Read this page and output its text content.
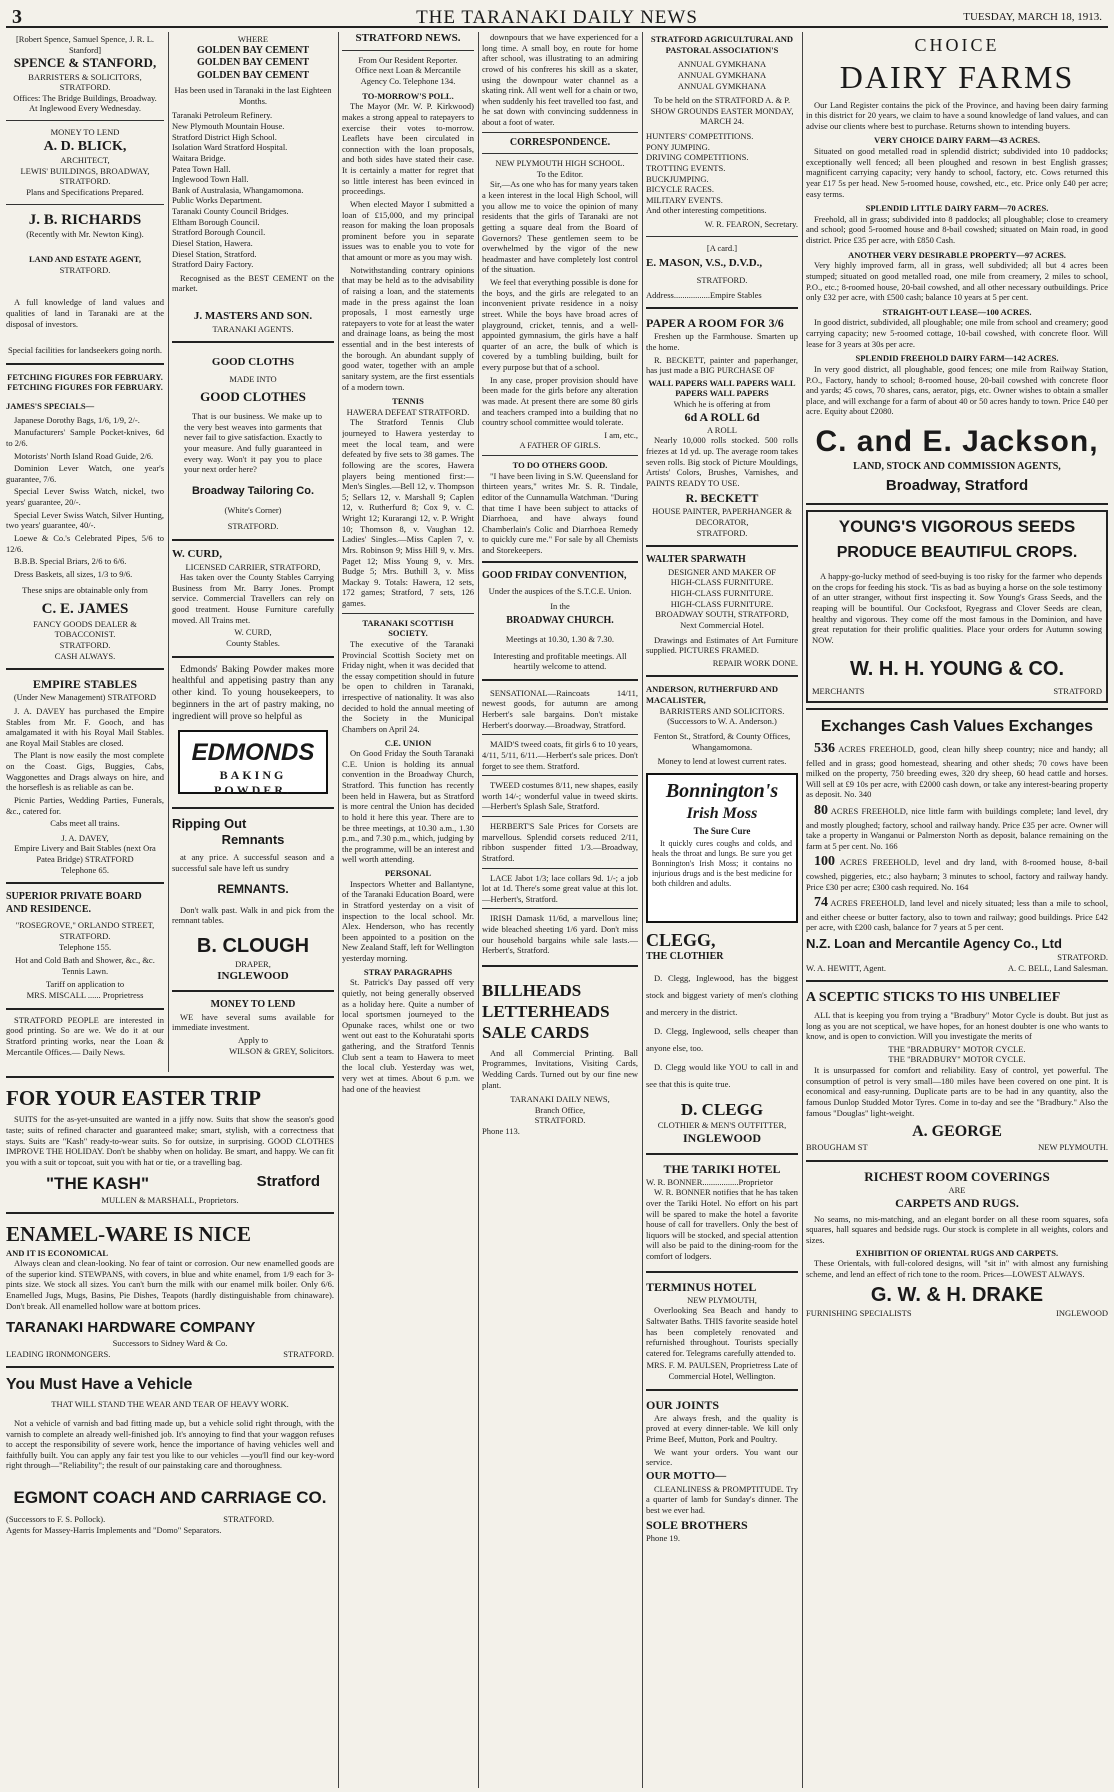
3	THE TARANAKI DAILY NEWS	TUESDAY, MARCH 18, 1913.
[Robert Spence, Samuel Spence, J. R. L. Stanford]
SPENCE & STANFORD,
BARRISTERS & SOLICITORS, STRATFORD.
Offices: The Bridge Buildings, Broadway.
At Inglewood Every Wednesday.
MONEY TO LEND
A. D. BLICK,
ARCHITECT,
LEWIS' BUILDINGS, BROADWAY, STRATFORD.
Plans and Specifications Prepared.
J. B. RICHARDS
(Recently with Mr. Newton King).
LAND AND ESTATE AGENT,
STRATFORD.

A full knowledge of land values and qualities of land in Taranaki are at the disposal of investors.

Special facilities for landseekers going north.
FETCHING FIGURES FOR FEBRUARY.
FETCHING FIGURES FOR FEBRUARY.
JAMES'S SPECIALS—

Japanese Dorothy Bags, 1/6, 1/9, 2/-.

Manufacturers' Sample Pocket-knives, 6d to 2/6.

Motorists' North Island Road Guide, 2/6.

Dominion Lever Watch, one year's guarantee, 7/6.

Special Lever Swiss Watch, nickel, two years' guarantee, 20/-.

Special Lever Swiss Watch, Silver Hunting, two years' guarantee, 40/-.

Loewe & Co.'s Celebrated Pipes, 5/6 to 12/6.

B.B.B. Special Briars, 2/6 to 6/6.

Dress Baskets, all sizes, 1/3 to 9/6.

These snips are obtainable only from
C. E. JAMES
FANCY GOODS DEALER & TOBACCONIST.
STRATFORD.
CASH ALWAYS.
EMPIRE STABLES
(Under New Management) STRATFORD

J. A. DAVEY has purchased the Empire Stables from Mr. F. Gooch, and has amalgamated it with his Royal Mail Stables. ane Royal Mail Stables are closed.

The Plant is now easily the most complete on the Coast. Gigs, Buggies, Cabs, Waggonettes and Drags always on hire, and the horseflesh is as reliable as can be.

Picnic Parties, Wedding Parties, Funerals, &c., catered for.

Cabs meet all trains.
J. A. DAVEY,
Empire Livery and Bait Stables (next Ora Patea Bridge) STRATFORD
Telephone 65.
SUPERIOR PRIVATE BOARD AND RESIDENCE.
"ROSEGROVE," ORLANDO STREET, STRATFORD.
Telephone 155.
Hot and Cold Bath and Shower, &c., &c. Tennis Lawn.
Tariff on application to
MRS. MISCALL ...... Proprietress

STRATFORD PEOPLE are interested in good printing. So are we. We do it at our Stratford printing works, near the Loan & Mercantile Offices.— Daily News.

WHERE
GOLDEN BAY CEMENT
GOLDEN BAY CEMENT
GOLDEN BAY CEMENT
Has been used in Taranaki in the last Eighteen Months.
Taranaki Petroleum Refinery.
New Plymouth Mountain House.
Stratford District High School.
Isolation Ward Stratford Hospital.
Waitara Bridge.
Patea Town Hall.
Inglewood Town Hall.
Bank of Australasia, Whangamomona.
Public Works Department.
Taranaki County Council Bridges.
Eltham Borough Council.
Stratford Borough Council.
Diesel Station, Hawera.
Diesel Station, Stratford.
Stratford Dairy Factory.

Recognised as the BEST CEMENT on the market.

J. MASTERS AND SON.
TARANAKI AGENTS.
GOOD CLOTHS
MADE INTO
GOOD CLOTHES

That is our business. We make up to the very best weaves into garments that never fail to give satisfaction. Exactly to your measure. And fully guaranteed in every way. Won't it pay you to place your next order here?

Broadway Tailoring Co.
(White's Corner)
STRATFORD.
W. CURD,
LICENSED CARRIER, STRATFORD,

Has taken over the County Stables Carrying Business from Mr. Barry Jones. Prompt service. Commercial Travellers can rely on good treatment. House Furniture carefully moved. All Trains met.

W. CURD,
County Stables.

Edmonds' Baking Powder makes more healthful and appetising pastry than any other kind. To young housekeepers, to beginners in the art of pastry making, no ingredient will prove so helpful as

EDMONDS
BAKING POWDER.
Ripping Out
Remnants

at any price. A successful season and a successful sale have left us sundry

REMNANTS.

Don't walk past. Walk in and pick from the remnant tables.

B. CLOUGH
DRAPER,
INGLEWOOD
MONEY TO LEND

WE have several sums available for immediate investment.

Apply to
WILSON & GREY, Solicitors.
FOR YOUR EASTER TRIP

SUITS for the as-yet-unsuited are wanted in a jiffy now. Suits that show the season's good taste; suits of refined character and guaranteed make; smart, stylish, with a correctness that stays. Suits are "Kash" ready-to-wear suits. So for outsize, in surprising. GOOD CLOTHES IMPROVE THE HOLIDAY. Don't be shabby when on holiday. Be smart, and happy. We can fit you with a suit or topcoat, suit you with hat or tie, or a travelling bag.

"THE KASH"	Stratford
MULLEN & MARSHALL, Proprietors.
ENAMEL-WARE IS NICE
AND IT IS ECONOMICAL

Always clean and clean-looking. No fear of taint or corrosion. Our new enamelled goods are of the superior kind. STEWPANS, with covers, in blue and white enamel, from 1/9 each for 3-pints size. We stock all sizes. You can't burn the milk with our enamel milk boiler. Only 6/6. Enamelled Jugs, Mugs, Basins, Pie Dishes, Teapots (hardly distinguishable from chinaware). Don't break. All enamelled hollow ware at bottom prices.

TARANAKI HARDWARE COMPANY
Successors to Sidney Ward & Co.
LEADING IRONMONGERS.	STRATFORD.
You Must Have a Vehicle
THAT WILL STAND THE WEAR AND TEAR OF HEAVY WORK.

Not a vehicle of varnish and bad fitting made up, but a vehicle solid right through, with the varnish to complete an already well-finished job. It's annoying to find that your waggon refuses to accept the responsibility of severe work, hence the importance of having vehicles well and faithfully built. You can apply any fair test you like to our vehicles —you'll find our key-word right through—"Reliability"; the result of our painstaking care and thoroughness.

EGMONT COACH AND CARRIAGE CO.
(Successors to F. S. Pollock).	STRATFORD.
Agents for Massey-Harris Implements and "Domo" Separators.
STRATFORD NEWS.
From Our Resident Reporter.
Office next Loan & Mercantile Agency Co. Telephone 134.
TO-MORROW'S POLL.

The Mayor (Mr. W. P. Kirkwood) makes a strong appeal to ratepayers to exercise their votes to-morrow. Leaflets have been circulated in connection with the loan proposals, and both sides have stated their case. It is certainly a matter for regret that so little interest has been evinced in proceedings.

When elected Mayor I submitted a loan of £15,000, and my principal reason for making the loan proposals prominent before you in separate issues was to enable you to vote for that amount or more as you may wish.

Notwithstanding contrary opinions that may be held as to the advisability of raising a loan, and the statements made in the press against the loan proposals, I most earnestly urge ratepayers to vote for at least the water and drainage loans, as being the most essential and in the best interests of the borough. An abundant supply of good water, together with an ample sanitary system, are the first essentials of a modern town.

TENNIS
HAWERA DEFEAT STRATFORD.

The Stratford Tennis Club journeyed to Hawera yesterday to meet the local team, and were defeated by five sets to 38 games. The following are the scores, Hawera players being mentioned first:— Men's Singles.—Bell 12, v. Thompson 5; Sellars 12, v. Marshall 9; Caplen 12, v. Rutherfurd 8; Cox 9, v. C. Wright 12; Kurarangi 12, v. P. Wright 10; Thomson 8, v. Vaughan 12. Ladies' Singles.—Miss Caplen 7, v. Mrs. Robinson 9; Miss Hill 9, v. Mrs. Paget 12; Miss Young 9, v. Mrs. Budge 5; Mrs. Buthill 3, v. Miss Mackay 9. Totals: Hawera, 12 sets, 172 games; Stratford, 7 sets, 126 games.

TARANAKI SCOTTISH SOCIETY.

The executive of the Taranaki Provincial Scottish Society met on Friday night, when it was decided that the essay competition should in future be open to children in Taranaki, irrespective of nationality. It was also decided to hold the annual meeting of the Society in the Municipal Chambers on April 24.

C.E. UNION

On Good Friday the South Taranaki C.E. Union is holding its annual convention in the Broadway Church, Stratford. This function has recently been held in Hawera, but as Stratford is more central the Union has decided to hold it here this year. There are to be three meetings, at 10.30 a.m., 1.30 p.m., and 7.30 p.m., which, judging by the programme, will be an interest and well worth attending.

PERSONAL

Inspectors Whetter and Ballantyne, of the Taranaki Education Board, were in Stratford yesterday on a visit of inspection to the local school. Mr. Alex. Henderson, who has recently been appointed to a position on the New Zealand Staff, left for Wellington yesterday morning.

STRAY PARAGRAPHS

St. Patrick's Day passed off very quietly, not being generally observed as a holiday here. Quite a number of local sportsmen journeyed to the Opunake races, whilst one or two went out east to the Kohuratahi sports gathering, and the Stratford Tennis Club sent a team to Hawera to meet the local club. Yesterday was wet, very wet at times. About 6 p.m. we had one of the heaviest

downpours that we have experienced for a long time. A small boy, en route for home after school, was illustrating to an admiring crowd of his confreres his skill as a skater, using the downpour water channel as a skating rink. All went well for a chain or two, when suddenly his feet travelled too fast, and he sat down with convincing suddenness in about a foot of water.

CORRESPONDENCE.
NEW PLYMOUTH HIGH SCHOOL.
To the Editor.

Sir,—As one who has for many years taken a keen interest in the local High School, will you allow me to voice the opinion of many residents that the girls of Taranaki are not getting a square deal from the Board of Governors? These gentlemen seem to be overwhelmed by the vigor of the new headmaster and have completely lost control of the situation.

We feel that everything possible is done for the boys, and the girls are relegated to an inconvenient private residence in a noisy street. While the boys have broad acres of playground, cricket, tennis, and a well-appointed gymnasium, the girls have a half quarter of an acre, the bulk of which is covered by a tumbling building, built for every purpose but that of a school.

In any case, proper provision should have been made for the girls before any alteration was made. At present there are some 80 girls and teachers cramped into a building that no country school committee would tolerate.

I am, etc.,
A FATHER OF GIRLS.
TO DO OTHERS GOOD.

"I have been living in S.W. Queensland for thirteen years," writes Mr. S. R. Tindale, editor of the Cunnamulla Watchman. "During that time I have been subject to attacks of Diarrhoea, and have always found Chamberlain's Colic and Diarrhoea Remedy to quickly cure me." For sale by all Chemists and Storekeepers.

GOOD FRIDAY CONVENTION,
Under the auspices of the S.T.C.E. Union.
In the
BROADWAY CHURCH.
Meetings at 10.30, 1.30 & 7.30.
Interesting and profitable meetings. All heartily welcome to attend.

SENSATIONAL—Raincoats 14/11, newest goods, for autumn are among Herbert's sale bargains. Don't mistake Herbert's doorway.—Broadway, Stratford.

MAID'S tweed coats, fit girls 6 to 10 years, 4/11, 5/11, 6/11.—Herbert's sale prices. Don't forget to see them. Stratford.

TWEED costumes 8/11, new shapes, easily worth 14/-; wonderful value in tweed skirts.—Herbert's Splash Sale, Stratford.

HERBERT'S Sale Prices for Corsets are marvellous. Splendid corsets reduced 2/11, ribbon suspender fitted 1/3.—Broadway, Stratford.

LACE Jabot 1/3; lace collars 9d. 1/-; a job lot at 1d. There's some great value at this lot.—Herbert's, Stratford.

IRISH Damask 11/6d, a marvellous line; wide bleached sheeting 1/6 yard. Don't miss our household bargains while sale lasts.—Herbert's, Stratford.

BILLHEADS
LETTERHEADS
SALE CARDS

And all Commercial Printing. Ball Programmes, Invitations, Visiting Cards, Wedding Cards. Turned out by our fine new plant.

TARANAKI DAILY NEWS,
Branch Office,
STRATFORD.
Phone 113.
STRATFORD AGRICULTURAL AND PASTORAL ASSOCIATION'S
ANNUAL GYMKHANA
ANNUAL GYMKHANA
ANNUAL GYMKHANA
To be held on the STRATFORD A. & P. SHOW GROUNDS EASTER MONDAY, MARCH 24.
HUNTERS' COMPETITIONS.
PONY JUMPING.
DRIVING COMPETITIONS.
TROTTING EVENTS.
BUCKJUMPING.
BICYCLE RACES.
MILITARY EVENTS.
And other interesting competitions.
W. R. FEARON, Secretary.
[A card.]
E. MASON, V.S., D.V.D.,
STRATFORD.
Address.................Empire Stables
PAPER A ROOM FOR 3/6

Freshen up the Farmhouse. Smarten up the home.

R. BECKETT, painter and paperhanger, has just made a BIG PURCHASE OF

WALL PAPERS WALL PAPERS WALL PAPERS WALL PAPERS
Which he is offering at from
6d A ROLL 6d
A ROLL

Nearly 10,000 rolls stocked. 500 rolls friezes at 1d yd. up. The average room takes seven rolls. Big stock of Picture Mouldings, Artists' Colors, Brushes, Varnishes, and PAINTS READY TO USE.

R. BECKETT
HOUSE PAINTER, PAPERHANGER & DECORATOR,
STRATFORD.
WALTER SPARWATH
DESIGNER AND MAKER OF
HIGH-CLASS FURNITURE.
HIGH-CLASS FURNITURE.
HIGH-CLASS FURNITURE.
BROADWAY SOUTH, STRATFORD, Next Commercial Hotel.

Drawings and Estimates of Art Furniture supplied. PICTURES FRAMED.

REPAIR WORK DONE.
ANDERSON, RUTHERFURD AND MACALISTER,
BARRISTERS AND SOLICITORS. (Successors to W. A. Anderson.)
Fenton St., Stratford, & County Offices, Whangamomona.
Money to lend at lowest current rates.
Bonnington's
Irish Moss
The Sure Cure

It quickly cures coughs and colds, and heals the throat and lungs. Be sure you get Bonnington's Irish Moss; it contains no injurious drugs and is the best medicine for both children and adults.

CLEGG,
THE CLOTHIER

D. Clegg, Inglewood, has the biggest stock and biggest variety of men's clothing and mercery in the district.

D. Clegg, Inglewood, sells cheaper than anyone else, too.

D. Clegg would like YOU to call in and see that this is quite true.

D. CLEGG
CLOTHIER & MEN'S OUTFITTER,
INGLEWOOD
THE TARIKI HOTEL
W. R. BONNER.................Proprietor

W. R. BONNER notifies that he has taken over the Tariki Hotel. No effort on his part will be spared to make the hotel a favorite house of call for travellers. Only the best of liquors will be stocked, and special attention will also be paid to the dining-room for the comfort of lodgers.

TERMINUS HOTEL
NEW PLYMOUTH,

Overlooking Sea Beach and handy to Saltwater Baths. THIS favorite seaside hotel has been completely renovated and refurnished throughout. Tourists specially catered for. Telegrams carefully attended to.

MRS. F. M. PAULSEN, Proprietress Late of Commercial Hotel, Wellington.
OUR JOINTS

Are always fresh, and the quality is proved at every dinner-table. We kill only Prime Beef, Mutton, Pork and Poultry.

We want your orders. You want our service.

OUR MOTTO—

CLEANLINESS & PROMPTITUDE. Try a quarter of lamb for Sunday's dinner. The best we ever had.

SOLE BROTHERS
Phone 19.
CHOICE
DAIRY FARMS

Our Land Register contains the pick of the Province, and having been dairy farming in this district for 20 years, we claim to have a sound knowledge of land values, and can advise our clients where best to purchase. Returns shown to intending buyers.

VERY CHOICE DAIRY FARM—43 ACRES.

Situated on good metalled road in splendid district; subdivided into 10 paddocks; exceptionally well fenced; all been ploughed and resown in best English grasses; magnificent carrying capacity; very handy to school, factory, etc. Cows returned this year £17 5s per head. New 5-roomed house, cowshed, etc., etc. Price only £40 per acre; easy terms.

SPLENDID LITTLE DAIRY FARM—70 ACRES.

Freehold, all in grass; subdivided into 8 paddocks; all ploughable; close to creamery and school; good 5-roomed house and 8-bail cowshed; situated on Main road, in good district. Price £35 per acre, with £850 Cash.

ANOTHER VERY DESIRABLE PROPERTY—97 ACRES.

Very highly improved farm, all in grass, well subdivided; all but 4 acres been stumped; situated on good metalled road, one mile from creamery, 2 miles to school, P.O., etc.; 8-roomed house, 20-bail cowshed, and all other necessary outbuildings. Price only £32 per acre, with £500 cash; balance 10 years at 5 per cent.

STRAIGHT-OUT LEASE—100 ACRES.

In good district, subdivided, all ploughable; one mile from school and creamery; good carrying capacity; new 5-roomed cottage, 10-bail cowshed, with concrete floor. Will lease for 3 years at 30s per acre.

SPLENDID FREEHOLD DAIRY FARM—142 ACRES.

In very good district, all ploughable, good fences; one mile from Railway Station, P.O., Factory, handy to school; 8-roomed house, 20-bail cowshed with concrete floor and yards; 45 cows, 70 shares, cans, aerator, pigs, etc. Owner wishes to obtain a smaller place, and will exchange for a farm of about 40 or 50 acres handy to town. Price £40 per acre. Equity about £2080.

C. and E. Jackson,
LAND, STOCK AND COMMISSION AGENTS,
Broadway, Stratford
YOUNG'S VIGOROUS SEEDS
PRODUCE BEAUTIFUL CROPS.

A happy-go-lucky method of seed-buying is too risky for the farmer who depends on the crops for feeding his stock. 'Tis as bad as buying a horse on the sole testimony of an utter stranger, without first inspecting it. Sow Young's Grass Seeds, and the reaping will be bountiful. Our Cocksfoot, Ryegrass and Clover Seeds are clean, healthy and vigorous. They come off the most famous in the Dominion, and have great reputation for their prolific qualities. Place your orders for Autumn sowing NOW.

W. H. H. YOUNG & CO.
MERCHANTS	STRATFORD
Exchanges Cash Values Exchanges

536 ACRES FREEHOLD, good, clean hilly sheep country; nice and handy; all felled and in grass; good homestead, shearing and other sheds; 70 cows have been milked on the property, 750 breeding ewes, 320 dry sheep, 60 head cattle and horses. Will sell at £9 10s per acre, with £2000 cash down, or take any interest-bearing property as deposit. No. 340

80 ACRES FREEHOLD, nice little farm with buildings complete; land level, dry and mostly ploughed; factory, school and railway handy. Price £35 per acre. Owner will take a property in Wanganui or Palmerston North as deposit, balance remaining on the farm at 5 per cent. No. 166

100 ACRES FREEHOLD, level and dry land, with 8-roomed house, 8-bail cowshed, piggeries, etc.; also haybarn; 3 minutes to school, factory and railway handy. Price £30 per acre; £300 cash required. No. 164

74 ACRES FREEHOLD, land level and nicely situated; less than a mile to school, and either cheese or butter factory, also to town and railway; good buildings. Price £42 per acre, with £200 cash, balance for 7 years at 5 per cent.

N.Z. Loan and Mercantile Agency Co., Ltd
STRATFORD.
W. A. HEWITT, Agent.	A. C. BELL, Land Salesman.
A SCEPTIC STICKS TO HIS UNBELIEF

ALL that is keeping you from trying a "Bradbury" Motor Cycle is doubt. But just as long as you are not sceptical, we have hopes, for an honest doubter is one who wants to know, and is open to conviction. Will you investigate the merits of

THE "BRADBURY" MOTOR CYCLE.
THE "BRADBURY" MOTOR CYCLE.

It is unsurpassed for comfort and reliability. Easy of control, yet powerful. The consumption of petrol is very small—180 miles have been covered on one pint. It is economical and easy-running. Duplicate parts are to be had in any quantity, also the famous Dunlop Studded Motor Tyres. Come in to-day and see the "Bradbury." Also the famous "Douglas" light-weight.

A. GEORGE
BROUGHAM ST	NEW PLYMOUTH.
RICHEST ROOM COVERINGS
ARE
CARPETS AND RUGS.

No seams, no mis-matching, and an elegant border on all these room squares, sofa squares, hall squares and bedside rugs. Our stock is complete in all weights, colors and sizes.

EXHIBITION OF ORIENTAL RUGS AND CARPETS.

These Orientals, with full-colored designs, will "sit in" with almost any furnishing scheme, and lend an effect of rich tone to the room. Prices—LOWEST ALWAYS.

G. W. & H. DRAKE
FURNISHING SPECIALISTS	INGLEWOOD
